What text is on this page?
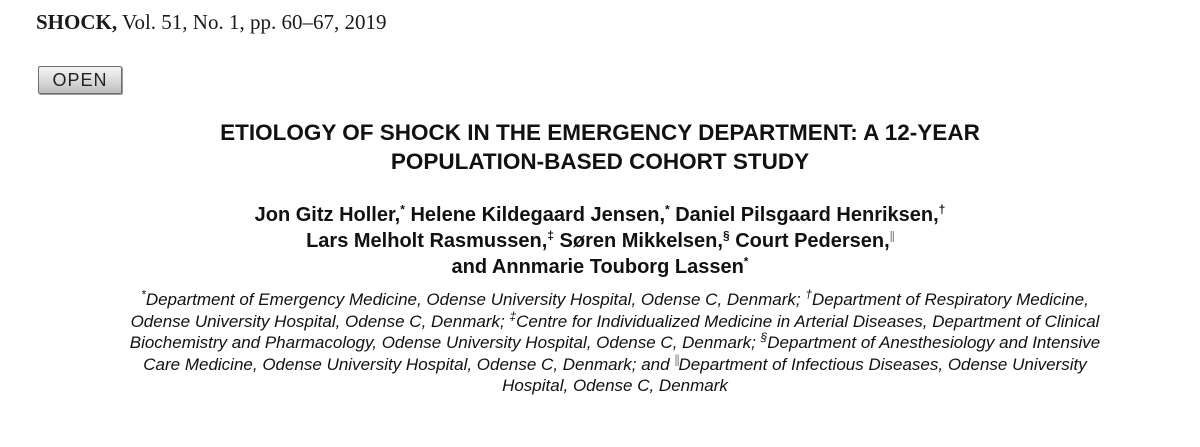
SHOCK, Vol. 51, No. 1, pp. 60–67, 2019
OPEN
ETIOLOGY OF SHOCK IN THE EMERGENCY DEPARTMENT: A 12-YEAR
POPULATION-BASED COHORT STUDY
Jon Gitz Holler,* Helene Kildegaard Jensen,* Daniel Pilsgaard Henriksen,†
Lars Melholt Rasmussen,‡ Søren Mikkelsen,§ Court Pedersen,||
and Annmarie Touborg Lassen*
*Department of Emergency Medicine, Odense University Hospital, Odense C, Denmark; †Department of Respiratory Medicine, Odense University Hospital, Odense C, Denmark; ‡Centre for Individualized Medicine in Arterial Diseases, Department of Clinical Biochemistry and Pharmacology, Odense University Hospital, Odense C, Denmark; §Department of Anesthesiology and Intensive Care Medicine, Odense University Hospital, Odense C, Denmark; and ||Department of Infectious Diseases, Odense University Hospital, Odense C, Denmark
